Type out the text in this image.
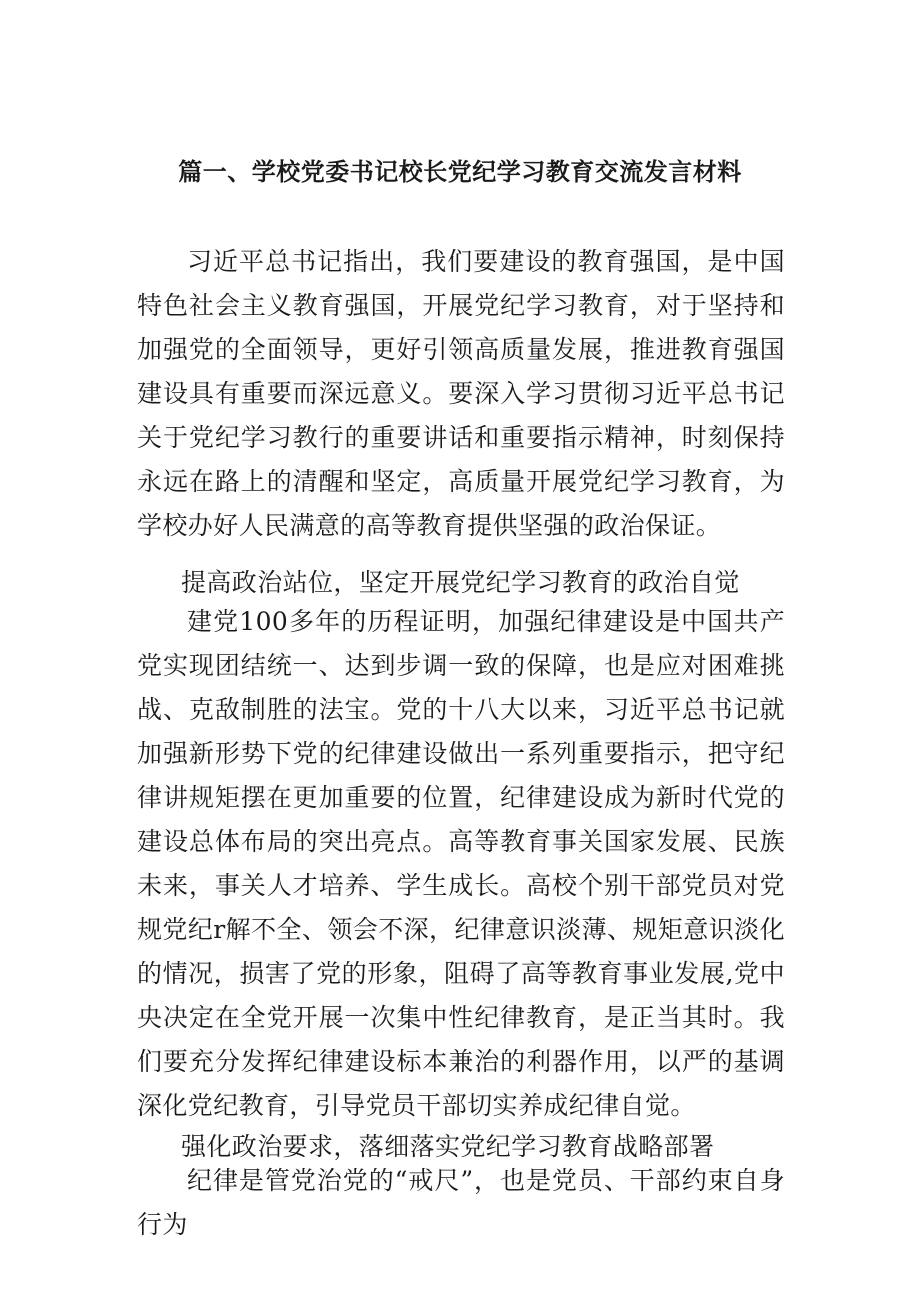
篇一、学校党委书记校长党纪学习教育交流发言材料
习近平总书记指出，我们要建设的教育强国，是中国特色社会主义教育强国，开展党纪学习教育，对于坚持和加强党的全面领导，更好引领高质量发展，推进教育强国建设具有重要而深远意义。要深入学习贯彻习近平总书记关于党纪学习教行的重要讲话和重要指示精神，时刻保持永远在路上的清醒和坚定，高质量开展党纪学习教育，为学校办好人民满意的高等教育提供坚强的政治保证。
提高政治站位，坚定开展党纪学习教育的政治自觉
建党100多年的历程证明，加强纪律建设是中国共产党实现团结统一、达到步调一致的保障，也是应对困难挑战、克敌制胜的法宝。党的十八大以来，习近平总书记就加强新形势下党的纪律建设做出一系列重要指示，把守纪律讲规矩摆在更加重要的位置，纪律建设成为新时代党的建设总体布局的突出亮点。高等教育事关国家发展、民族未来，事关人才培养、学生成长。高校个别干部党员对党规党纪r解不全、领会不深，纪律意识淡薄、规矩意识淡化的情况，损害了党的形象，阻碍了高等教育事业发展,党中央决定在全党开展一次集中性纪律教育，是正当其时。我们要充分发挥纪律建设标本兼治的利器作用，以严的基调深化党纪教育，引导党员干部切实养成纪律自觉。
强化政治要求，落细落实党纪学习教育战略部署
纪律是管党治党的“戒尺”，也是党员、干部约束自身行为
